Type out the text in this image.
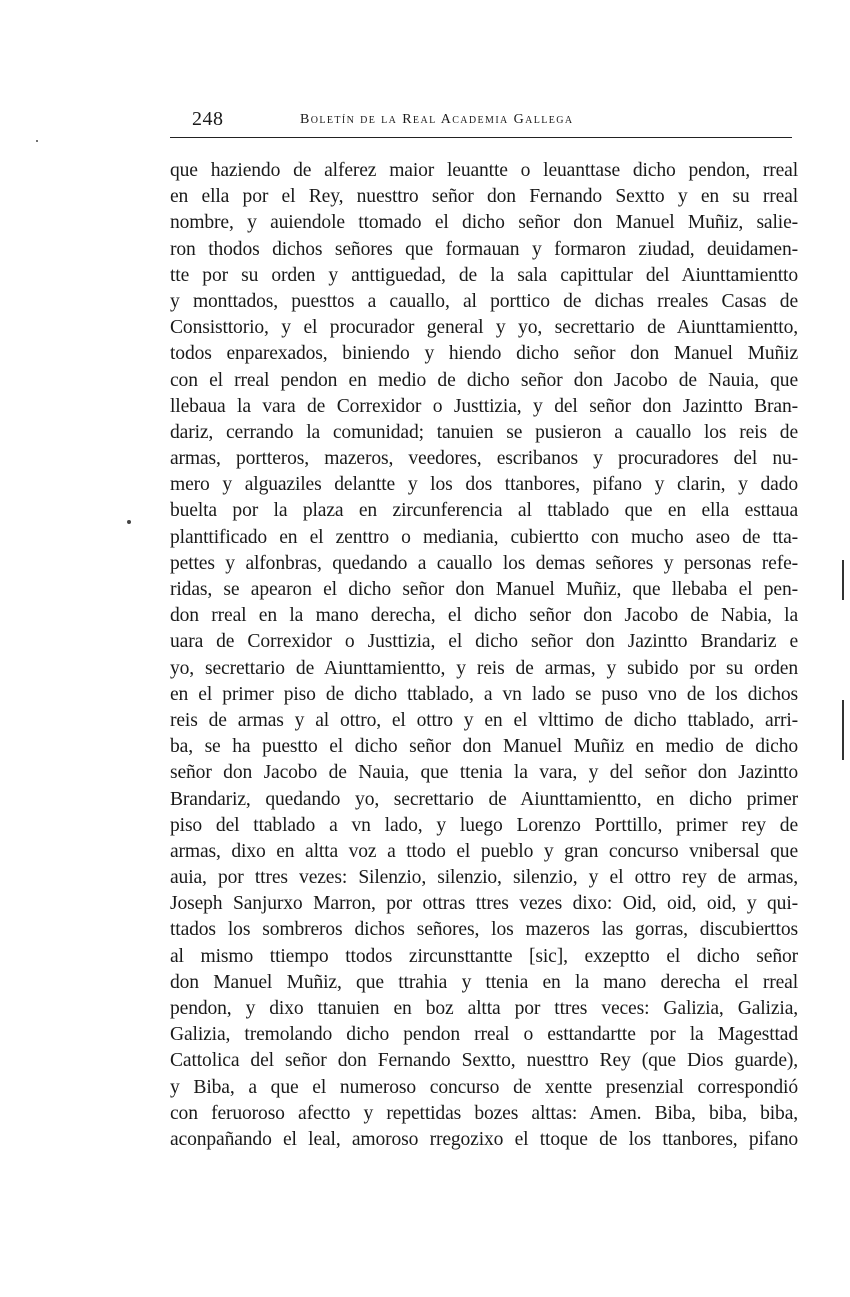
248	Boletín de la Real Academia Gallega
que haziendo de alferez maior leuantte o leuanttase dicho pendon, rreal
en ella por el Rey, nuesttro señor don Fernando Sextto y en su rreal
nombre, y auiendole ttomado el dicho señor don Manuel Muñiz, salie-
ron thodos dichos señores que formauan y formaron ziudad, deuidamen-
tte por su orden y anttiguedad, de la sala capittular del Aiunttamientto
y monttados, puesttos a cauallo, al porttico de dichas rreales Casas de
Consisttorio, y el procurador general y yo, secrettario de Aiunttamientto,
todos enparexados, biniendo y hiendo dicho señor don Manuel Muñiz
con el rreal pendon en medio de dicho señor don Jacobo de Nauia, que
llebaua la vara de Correxidor o Justtizia, y del señor don Jazintto Bran-
dariz, cerrando la comunidad; tanuien se pusieron a cauallo los reis de
armas, portteros, mazeros, veedores, escribanos y procuradores del nu-
mero y alguaziles delantte y los dos ttanbores, pifano y clarin, y dado
buelta por la plaza en zircunferencia al ttablado que en ella esttaua
planttificado en el zenttro o mediania, cubiertto con mucho aseo de tta-
pettes y alfonbras, quedando a cauallo los demas señores y personas refe-
ridas, se apearon el dicho señor don Manuel Muñiz, que llebaba el pen-
don rreal en la mano derecha, el dicho señor don Jacobo de Nabia, la
uara de Correxidor o Justtizia, el dicho señor don Jazintto Brandariz e
yo, secrettario de Aiunttamientto, y reis de armas, y subido por su orden
en el primer piso de dicho ttablado, a vn lado se puso vno de los dichos
reis de armas y al ottro, el ottro y en el vlttimo de dicho ttablado, arri-
ba, se ha puestto el dicho señor don Manuel Muñiz en medio de dicho
señor don Jacobo de Nauia, que ttenia la vara, y del señor don Jazintto
Brandariz, quedando yo, secrettario de Aiunttamientto, en dicho primer
piso del ttablado a vn lado, y luego Lorenzo Porttillo, primer rey de
armas, dixo en altta voz a ttodo el pueblo y gran concurso vnibersal que
auia, por ttres vezes: Silenzio, silenzio, silenzio, y el ottro rey de armas,
Joseph Sanjurxo Marron, por ottras ttres vezes dixo: Oid, oid, oid, y qui-
ttados los sombreros dichos señores, los mazeros las gorras, discubierttos
al mismo ttiempo ttodos zircunsttantte [sic], exzeptto el dicho señor
don Manuel Muñiz, que ttrahia y ttenia en la mano derecha el rreal
pendon, y dixo ttanuien en boz altta por ttres veces: Galizia, Galizia,
Galizia, tremolando dicho pendon rreal o esttandartte por la Magesttad
Cattolica del señor don Fernando Sextto, nuesttro Rey (que Dios guarde),
y Biba, a que el numeroso concurso de xentte presenzial correspondió
con feruoroso afectto y repettidas bozes alttas: Amen. Biba, biba, biba,
aconpañando el leal, amoroso rregozixo el ttoque de los ttanbores, pifano
